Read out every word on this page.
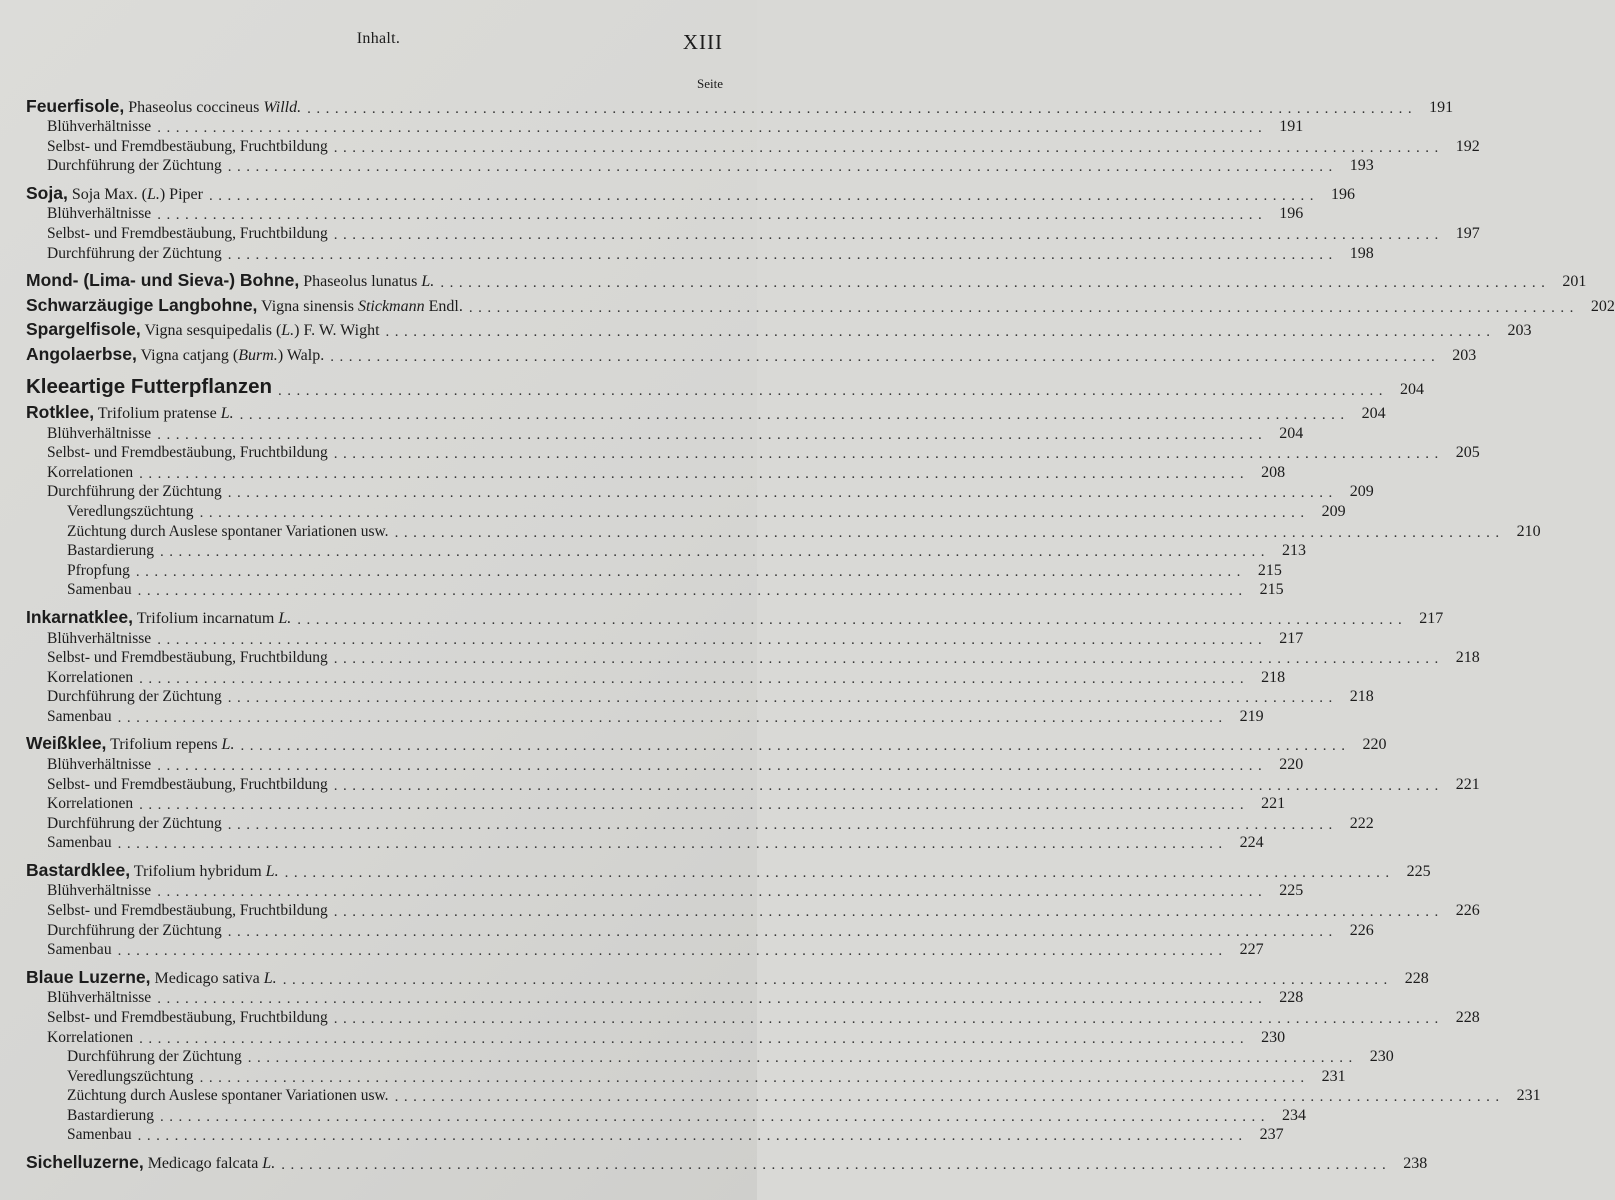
Inhalt.	XIII
Seite
Feuerfisole, Phaseolus coccineus Willd. ........................................................................................................................ 191
Blühverhältnisse ........................................................................................................................ 191
Selbst- und Fremdbestäubung, Fruchtbildung ........................................................................................................................ 192
Durchführung der Züchtung ........................................................................................................................ 193
Soja, Soja Max. (L.) Piper ........................................................................................................................ 196
Blühverhältnisse ........................................................................................................................ 196
Selbst- und Fremdbestäubung, Fruchtbildung ........................................................................................................................ 197
Durchführung der Züchtung ........................................................................................................................ 198
Mond- (Lima- und Sieva-) Bohne, Phaseolus lunatus L. ........................................................................................................................ 201
Schwarzäugige Langbohne, Vigna sinensis Stickmann Endl. ........................................................................................................................ 202
Spargelfisole, Vigna sesquipedalis (L.) F. W. Wight ........................................................................................................................ 203
Angolaerbse, Vigna catjang (Burm.) Walp. ........................................................................................................................ 203
Kleeartige Futterpflanzen ........................................................................................................................ 204
Rotklee, Trifolium pratense L. ........................................................................................................................ 204
Blühverhältnisse ........................................................................................................................ 204
Selbst- und Fremdbestäubung, Fruchtbildung ........................................................................................................................ 205
Korrelationen ........................................................................................................................ 208
Durchführung der Züchtung ........................................................................................................................ 209
Veredlungszüchtung ........................................................................................................................ 209
Züchtung durch Auslese spontaner Variationen usw. ........................................................................................................................ 210
Bastardierung ........................................................................................................................ 213
Pfropfung ........................................................................................................................ 215
Samenbau ........................................................................................................................ 215
Inkarnatklee, Trifolium incarnatum L. ........................................................................................................................ 217
Blühverhältnisse ........................................................................................................................ 217
Selbst- und Fremdbestäubung, Fruchtbildung ........................................................................................................................ 218
Korrelationen ........................................................................................................................ 218
Durchführung der Züchtung ........................................................................................................................ 218
Samenbau ........................................................................................................................ 219
Weißklee, Trifolium repens L. ........................................................................................................................ 220
Blühverhältnisse ........................................................................................................................ 220
Selbst- und Fremdbestäubung, Fruchtbildung ........................................................................................................................ 221
Korrelationen ........................................................................................................................ 221
Durchführung der Züchtung ........................................................................................................................ 222
Samenbau ........................................................................................................................ 224
Bastardklee, Trifolium hybridum L. ........................................................................................................................ 225
Blühverhältnisse ........................................................................................................................ 225
Selbst- und Fremdbestäubung, Fruchtbildung ........................................................................................................................ 226
Durchführung der Züchtung ........................................................................................................................ 226
Samenbau ........................................................................................................................ 227
Blaue Luzerne, Medicago sativa L. ........................................................................................................................ 228
Blühverhältnisse ........................................................................................................................ 228
Selbst- und Fremdbestäubung, Fruchtbildung ........................................................................................................................ 228
Korrelationen ........................................................................................................................ 230
Durchführung der Züchtung ........................................................................................................................ 230
Veredlungszüchtung ........................................................................................................................ 231
Züchtung durch Auslese spontaner Variationen usw. ........................................................................................................................ 231
Bastardierung ........................................................................................................................ 234
Samenbau ........................................................................................................................ 237
Sichelluzerne, Medicago falcata L. ........................................................................................................................ 238
